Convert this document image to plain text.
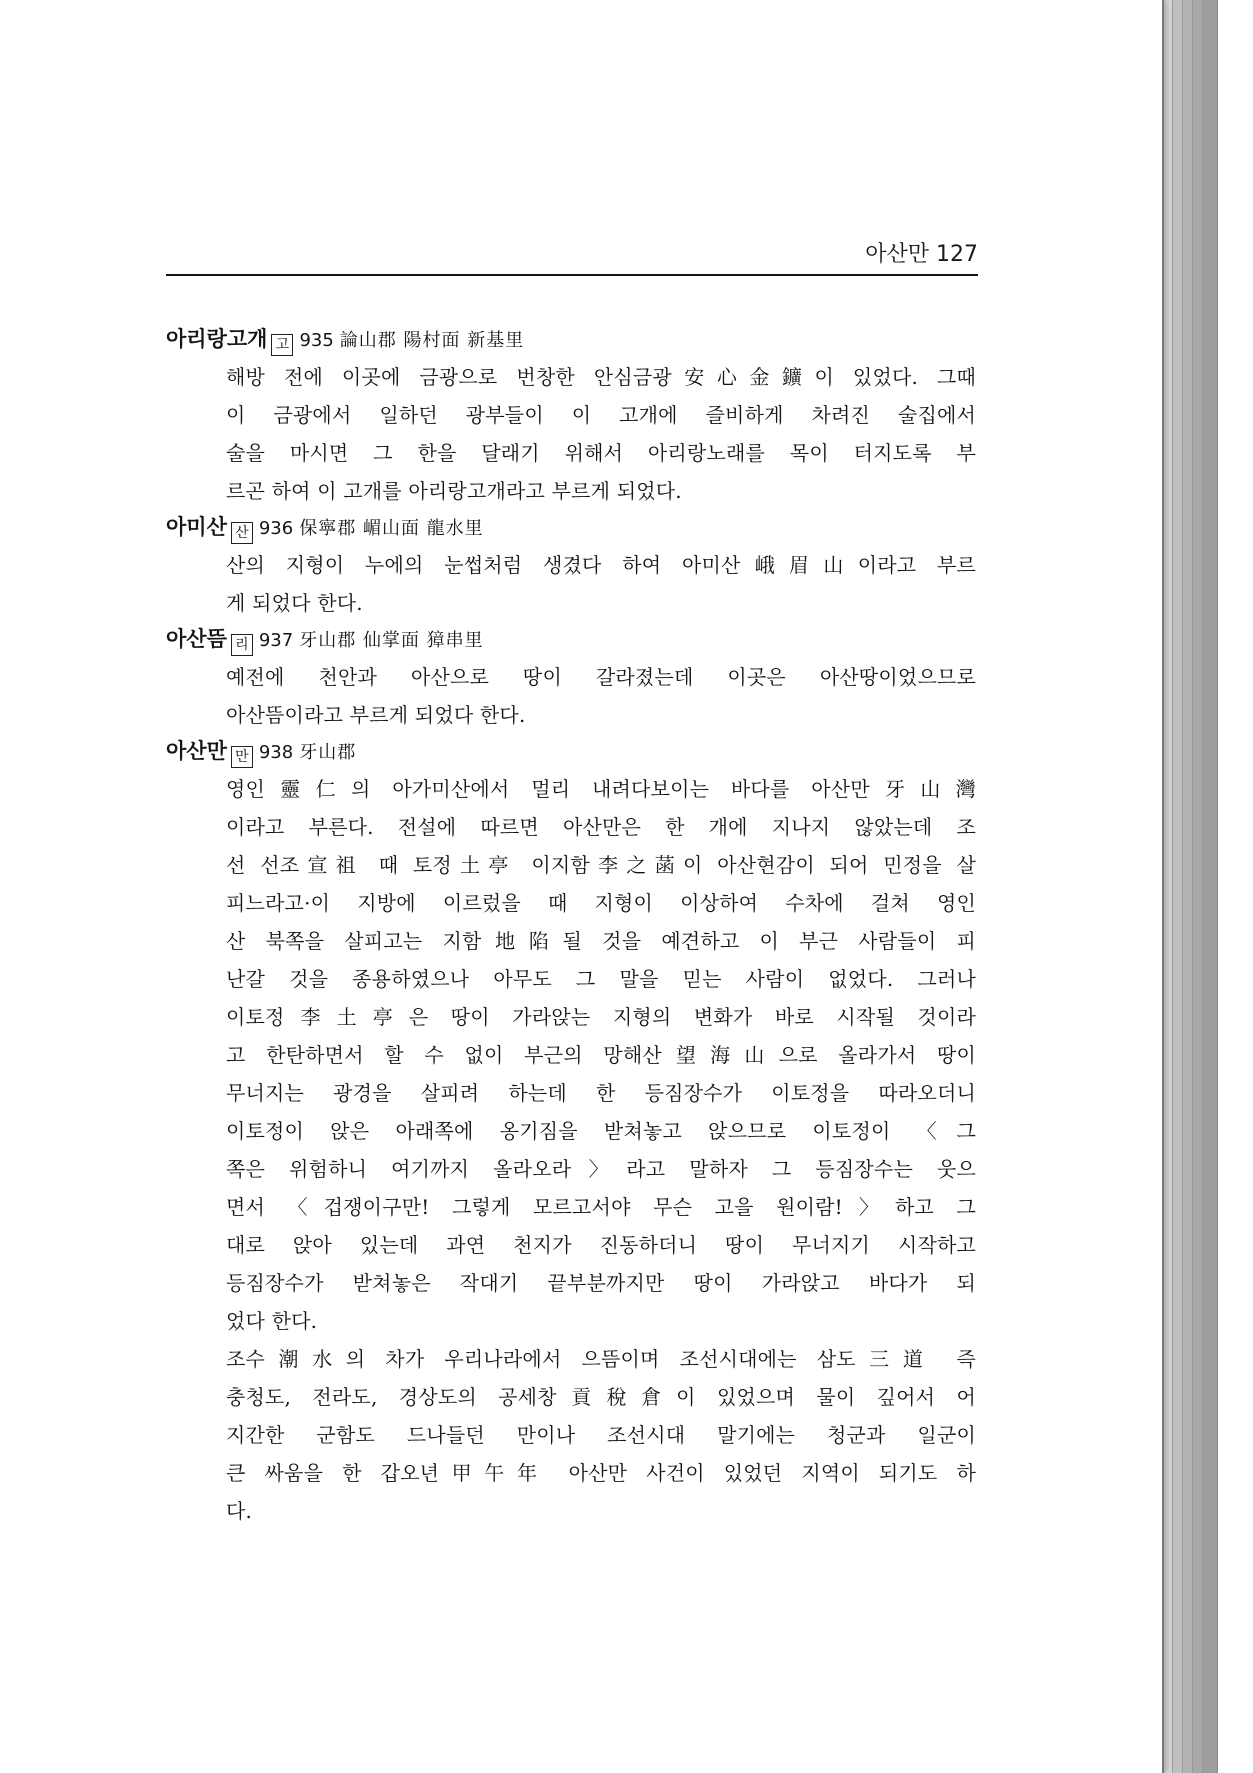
아산만 127
아리랑고개 고 935 論山郡 陽村面 新基里

해방 전에 이곳에 금광으로 번창한 안심금광安心金鑛이 있었다. 그때

이 금광에서 일하던 광부들이 이 고개에 즐비하게 차려진 술집에서

술을 마시면 그 한을 달래기 위해서 아리랑노래를 목이 터지도록 부

르곤 하여 이 고개를 아리랑고개라고 부르게 되었다.

아미산 산 936 保寧郡 嵋山面 龍水里

산의 지형이 누에의 눈썹처럼 생겼다 하여 아미산峨眉山이라고 부르

게 되었다 한다.

아산뜸 리 937 牙山郡 仙掌面 獐串里

예전에 천안과 아산으로 땅이 갈라졌는데 이곳은 아산땅이었으므로

아산뜸이라고 부르게 되었다 한다.

아산만 만 938 牙山郡

영인靈仁의 아가미산에서 멀리 내려다보이는 바다를 아산만牙山灣

이라고 부른다. 전설에 따르면 아산만은 한 개에 지나지 않았는데 조

선 선조宣祖 때 토정土亭 이지함李之菡이 아산현감이 되어 민정을 살

피느라고·이 지방에 이르렀을 때 지형이 이상하여 수차에 걸쳐 영인

산 북쪽을 살피고는 지함地陷될 것을 예견하고 이 부근 사람들이 피

난갈 것을 종용하였으나 아무도 그 말을 믿는 사람이 없었다. 그러나

이토정李土亭은 땅이 가라앉는 지형의 변화가 바로 시작될 것이라

고 한탄하면서 할 수 없이 부근의 망해산望海山으로 올라가서 땅이

무너지는 광경을 살피려 하는데 한 등짐장수가 이토정을 따라오더니

이토정이 앉은 아래쪽에 옹기짐을 받쳐놓고 앉으므로 이토정이 〈그

쪽은 위험하니 여기까지 올라오라〉라고 말하자 그 등짐장수는 웃으

면서 〈겁쟁이구만! 그렇게 모르고서야 무슨 고을 원이람!〉하고 그

대로 앉아 있는데 과연 천지가 진동하더니 땅이 무너지기 시작하고

등짐장수가 받쳐놓은 작대기 끝부분까지만 땅이 가라앉고 바다가 되

었다 한다.

조수潮水의 차가 우리나라에서 으뜸이며 조선시대에는 삼도三道 즉

충청도, 전라도, 경상도의 공세창貢稅倉이 있었으며 물이 깊어서 어

지간한 군함도 드나들던 만이나 조선시대 말기에는 청군과 일군이

큰 싸움을 한 갑오년甲午年 아산만 사건이 있었던 지역이 되기도 하

다.
